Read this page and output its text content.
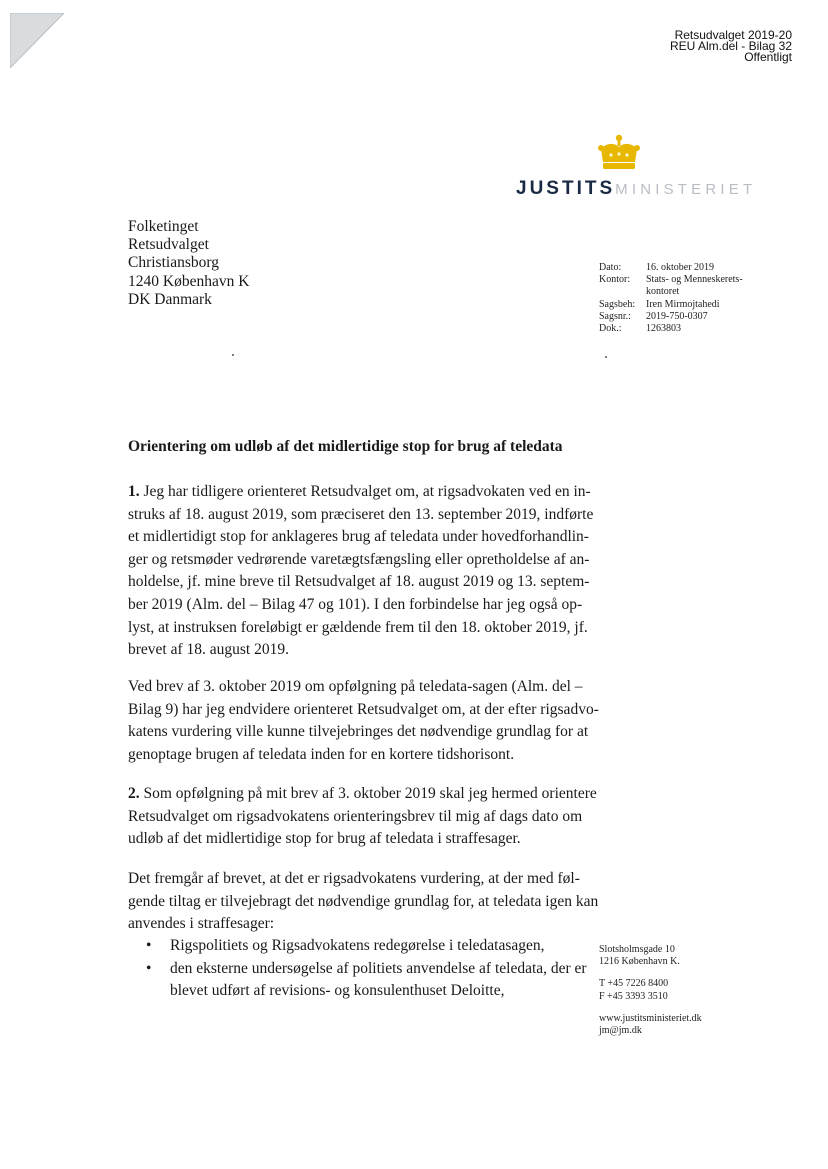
Retsudvalget 2019-20
REU Alm.del - Bilag 32
Offentligt
JUSTITSMINISTERIET
Folketinget
Retsudvalget
Christiansborg
1240 København K
DK Danmark
Dato:	16. oktober 2019
Kontor:	Stats- og Menneskerets-
kontoret
Sagsbeh:	Iren Mirmojtahedi
Sagsnr.:	2019-750-0307
Dok.:	1263803
Orientering om udløb af det midlertidige stop for brug af teledata
1. Jeg har tidligere orienteret Retsudvalget om, at rigsadvokaten ved en in-
struks af 18. august 2019, som præciseret den 13. september 2019, indførte
et midlertidigt stop for anklageres brug af teledata under hovedforhandlin-
ger og retsmøder vedrørende varetægtsfængsling eller opretholdelse af an-
holdelse, jf. mine breve til Retsudvalget af 18. august 2019 og 13. septem-
ber 2019 (Alm. del – Bilag 47 og 101). I den forbindelse har jeg også op-
lyst, at instruksen foreløbigt er gældende frem til den 18. oktober 2019, jf.
brevet af 18. august 2019.
Ved brev af 3. oktober 2019 om opfølgning på teledata-sagen (Alm. del –
Bilag 9) har jeg endvidere orienteret Retsudvalget om, at der efter rigsadvo-
katens vurdering ville kunne tilvejebringes det nødvendige grundlag for at
genoptage brugen af teledata inden for en kortere tidshorisont.
2. Som opfølgning på mit brev af 3. oktober 2019 skal jeg hermed orientere
Retsudvalget om rigsadvokatens orienteringsbrev til mig af dags dato om
udløb af det midlertidige stop for brug af teledata i straffesager.
Det fremgår af brevet, at det er rigsadvokatens vurdering, at der med føl-
gende tiltag er tilvejebragt det nødvendige grundlag for, at teledata igen kan
anvendes i straffesager:
•	Rigspolitiets og Rigsadvokatens redegørelse i teledatasagen,
•	den eksterne undersøgelse af politiets anvendelse af teledata, der er
blevet udført af revisions- og konsulenthuset Deloitte,
Slotsholmsgade 10
1216 København K.
T +45 7226 8400
F +45 3393 3510
www.justitsministeriet.dk
jm@jm.dk
